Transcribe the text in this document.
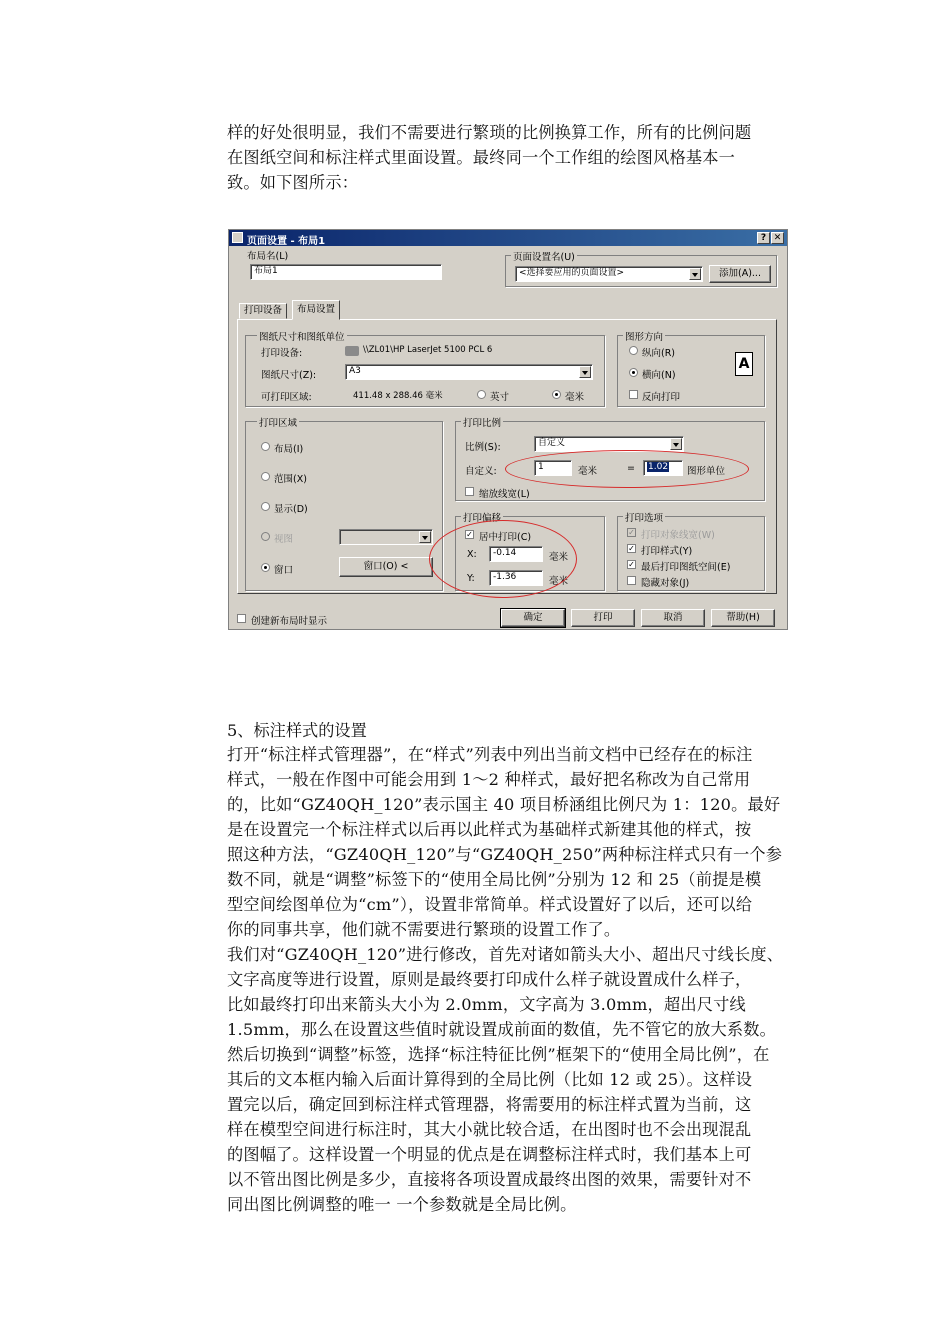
样的好处很明显，我们不需要进行繁琐的比例换算工作，所有的比例问题

在图纸空间和标注样式里面设置。最终同一个工作组的绘图风格基本一

致。如下图所示：

页面设置 - 布局1	? ✕
布局名(L)
布局1
页面设置名(U)
<选择要应用的页面设置>	添加(A)...
打印设备	布局设置
图纸尺寸和图纸单位
打印设备:	\\ZL01\HP LaserJet 5100 PCL 6
图纸尺寸(Z):	A3
可打印区域:	411.48 x 288.46 毫米	英寸	毫米
图形方向
纵向(R)
横向(N)
反向打印
A
打印区域
布局(I)
范围(X)
显示(D)
视图
窗口	窗口(O) <
打印比例
比例(S):	自定义
自定义:	1	毫米	=	1.02	图形单位
缩放线宽(L)
打印偏移
✓ 居中打印(C)
X:	-0.14	毫米
Y:	-1.36	毫米
打印选项
✓ 打印对象线宽(W)
✓ 打印样式(Y)
✓ 最后打印图纸空间(E)
隐藏对象(J)
创建新布局时显示	确定	打印	取消	帮助(H)
5、标注样式的设置

打开“标注样式管理器”，在“样式”列表中列出当前文档中已经存在的标注

样式，一般在作图中可能会用到 1～2 种样式，最好把名称改为自己常用

的，比如“GZ40QH_120”表示国主 40 项目桥涵组比例尺为 1：120。最好

是在设置完一个标注样式以后再以此样式为基础样式新建其他的样式，按

照这种方法，“GZ40QH_120”与“GZ40QH_250”两种标注样式只有一个参

数不同，就是“调整”标签下的“使用全局比例”分别为 12 和 25（前提是模

型空间绘图单位为“cm”），设置非常简单。样式设置好了以后，还可以给

你的同事共享，他们就不需要进行繁琐的设置工作了。

我们对“GZ40QH_120”进行修改，首先对诸如箭头大小、超出尺寸线长度、

文字高度等进行设置，原则是最终要打印成什么样子就设置成什么样子，

比如最终打印出来箭头大小为 2.0mm，文字高为 3.0mm，超出尺寸线

1.5mm，那么在设置这些值时就设置成前面的数值，先不管它的放大系数。

然后切换到“调整”标签，选择“标注特征比例”框架下的“使用全局比例”，在

其后的文本框内输入后面计算得到的全局比例（比如 12 或 25）。这样设

置完以后，确定回到标注样式管理器，将需要用的标注样式置为当前，这

样在模型空间进行标注时，其大小就比较合适，在出图时也不会出现混乱

的图幅了。这样设置一个明显的优点是在调整标注样式时，我们基本上可

以不管出图比例是多少，直接将各项设置成最终出图的效果，需要针对不

同出图比例调整的唯一 一个参数就是全局比例。
